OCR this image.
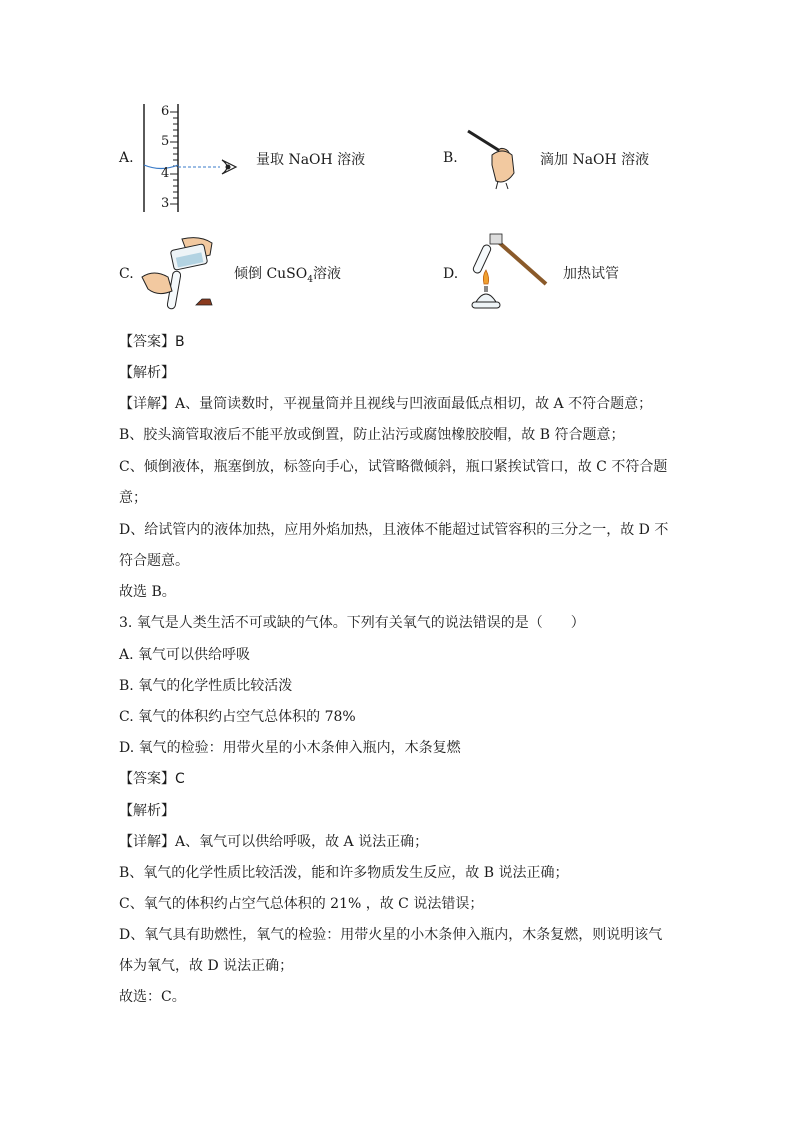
A.
6
5
4
3
量取 NaOH 溶液	B.	滴加 NaOH 溶液
C.	倾倒 CuSO$_4$溶液	D.	加热试管
【答案】B
【解析】
【详解】A、量筒读数时，平视量筒并且视线与凹液面最低点相切，故 A 不符合题意；
B、胶头滴管取液后不能平放或倒置，防止沾污或腐蚀橡胶胶帽，故 B 符合题意；
C、倾倒液体，瓶塞倒放，标签向手心，试管略微倾斜，瓶口紧挨试管口，故 C 不符合题
意；
D、给试管内的液体加热，应用外焰加热，且液体不能超过试管容积的三分之一，故 D 不
符合题意。
故选 B。
3. 氧气是人类生活不可或缺的气体。下列有关氧气的说法错误的是（　　）
A. 氧气可以供给呼吸
B. 氧气的化学性质比较活泼
C. 氧气的体积约占空气总体积的 78%
D. 氧气的检验：用带火星的小木条伸入瓶内，木条复燃
【答案】C
【解析】
【详解】A、氧气可以供给呼吸，故 A 说法正确；
B、氧气的化学性质比较活泼，能和许多物质发生反应，故 B 说法正确；
C、氧气的体积约占空气总体积的 21% ，故 C 说法错误；
D、氧气具有助燃性，氧气的检验：用带火星的小木条伸入瓶内，木条复燃，则说明该气
体为氧气，故 D 说法正确；
故选：C。
